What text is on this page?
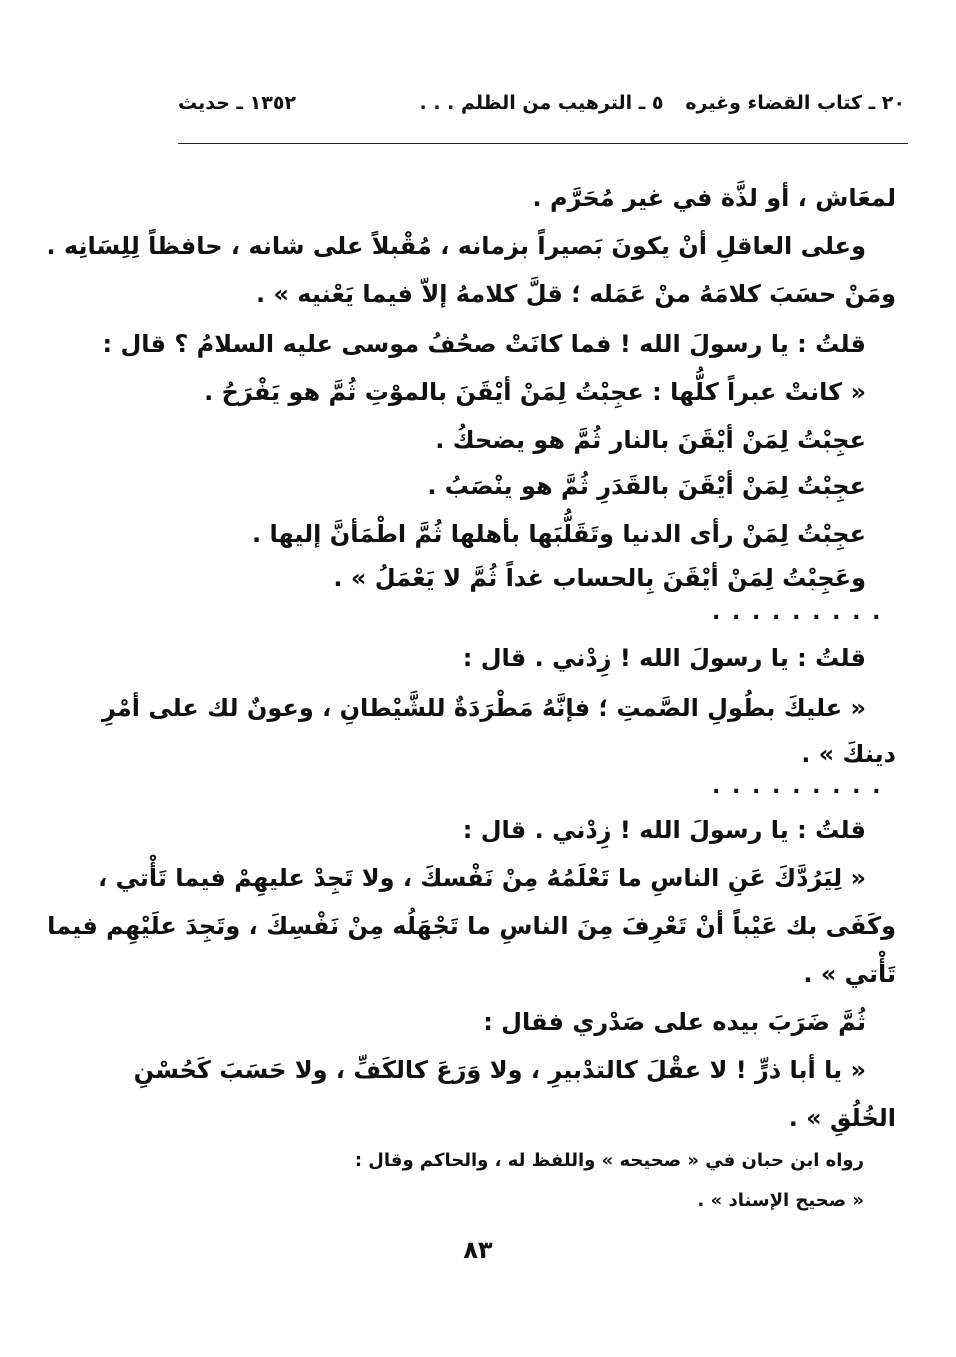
٢٠ ـ كتاب القضاء وغيره
٥ ـ الترهيب من الظلم . . .
١٣٥٢ ـ حديث
لمعَاش ، أو لذَّة في غير مُحَرَّم .
وعلى العاقلِ أنْ يكونَ بَصيراً بزمانه ، مُقْبلاً على شانه ، حافظاً لِلِسَانِه .
ومَنْ حسَبَ كلامَهُ منْ عَمَله ؛ قلَّ كلامهُ إلاّ فيما يَعْنيه » .
قلتُ : يا رسولَ الله ! فما كانَتْ صحُفُ موسى عليه السلامُ ؟ قال :
« كانتْ عبراً كلُّها : عجِبْتُ لِمَنْ أيْقَنَ بالموْتِ ثُمَّ هو يَفْرَحُ .
عجِبْتُ لِمَنْ أيْقَنَ بالنار ثُمَّ هو يضحكُ .
عجِبْتُ لِمَنْ أيْقَنَ بالقَدَرِ ثُمَّ هو ينْصَبُ .
عجِبْتُ لِمَنْ رأى الدنيا وتَقَلُّبَها بأهلها ثُمَّ اطْمَأنَّ إليها .
وعَجِبْتُ لِمَنْ أيْقَنَ بِالحساب غداً ثُمَّ لا يَعْمَلُ » .
قلتُ : يا رسولَ الله ! زِدْني . قال :
« عليكَ بطُولِ الصَّمتِ ؛ فإنَّهُ مَطْرَدَةٌ للشَّيْطانِ ، وعونٌ لك على أمْرِ
دينكَ » .
قلتُ : يا رسولَ الله ! زِدْني . قال :
« لِيَرُدَّكَ عَنِ الناسِ ما تَعْلَمُهُ مِنْ نَفْسكَ ، ولا تَجِدْ عليهِمْ فيما تَأْتي ،
وكَفَى بك عَيْباً أنْ تَعْرِفَ مِنَ الناسِ ما تَجْهَلُه مِنْ نَفْسِكَ ، وتَجِدَ علَيْهِم فيما
تَأْتي » .
ثُمَّ ضَرَبَ بيده على صَدْري فقال :
« يا أبا ذرٍّ ! لا عقْلَ كالتدْبيرِ ، ولا وَرَعَ كالكَفِّ ، ولا حَسَبَ كَحُسْنِ
الخُلُقِ » .
. . . . . . . . .
. . . . . . . . .
رواه ابن حبان في « صحيحه » واللفظ له ، والحاكم وقال :
« صحيح الإسناد » .
٨٣
